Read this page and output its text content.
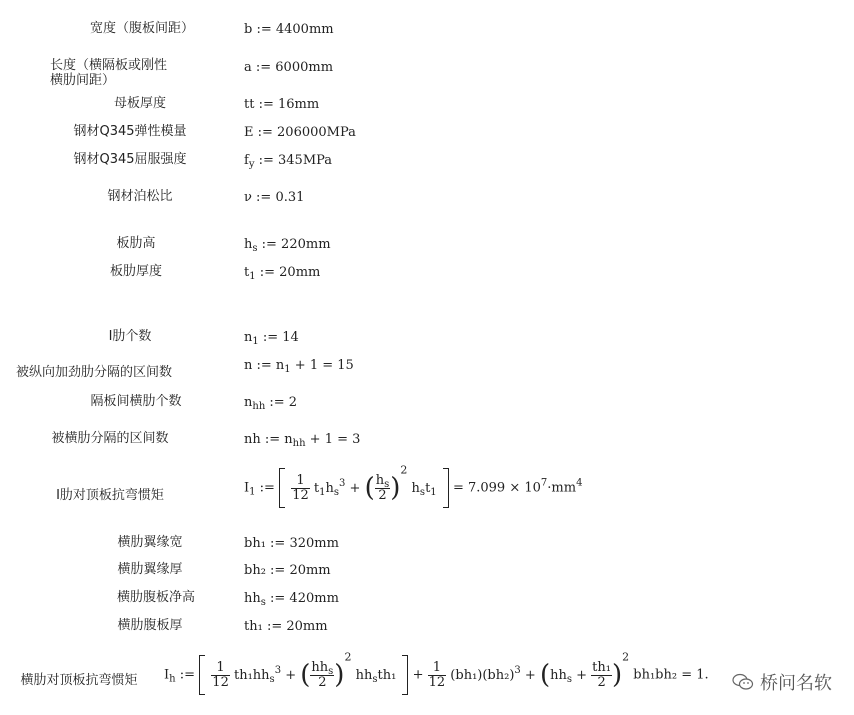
宽度（腹板间距）
长度（横隔板或刚性
横肋间距）
母板厚度
钢材Q345弹性模量
钢材Q345屈服强度
钢材泊松比
板肋高
板肋厚度
I肋个数
被纵向加劲肋分隔的区间数
隔板间横肋个数
被横肋分隔的区间数
I肋对顶板抗弯惯矩
横肋翼缘宽
横肋翼缘厚
横肋腹板净高
横肋腹板厚
横肋对顶板抗弯惯矩
b := 4400mm
a := 6000mm
tt := 16mm
E := 206000MPa
$f_y$ := 345MPa
ν := 0.31
$h_s$ := 220mm
$t_1$ := 20mm
$n_1$ := 14
n := $n_1 + 1 = 15$
$n_{hh}$ := 2
nh := $n_{hh} + 1 = 3$
$I_1$ := $\frac{1}{12} t_1h_s^3$ + ( $\frac{h_s}{2} )^2$ $h_st_1 = 7.099 \times 10^7\cdot mm^4$
bh₁ := 320mm
bh₂ := 20mm
$hh_s$ := 420mm
th₁ := 20mm
$I_h$ := $\frac{1}{12} th_1hh_s^3$ + ( $\frac{hh_s}{2} )^2$ $hh_sth_1 + \frac{1}{12} (bh_1)(bh_2)^3 + (hh_s + \frac{\text{th₁}}{2} )^2$ bh₁bh₂ = 1.	桥问名软
